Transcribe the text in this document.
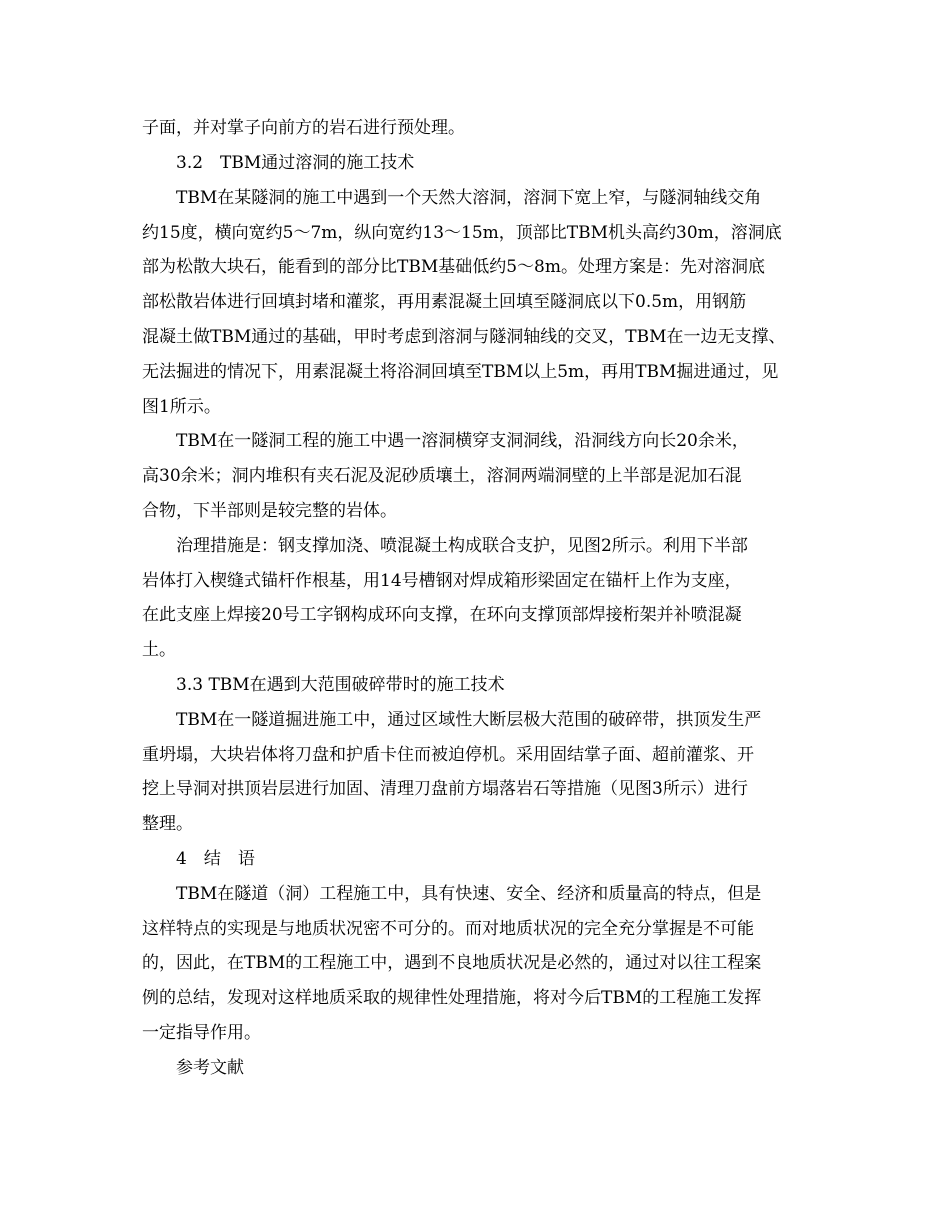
子面，并对掌子向前方的岩石进行预处理。
3.2　TBM通过溶洞的施工技术
TBM在某隧洞的施工中遇到一个天然大溶洞，溶洞下宽上窄，与隧洞轴线交角
约15度，横向宽约5～7m，纵向宽约13～15m，顶部比TBM机头高约30m，溶洞底
部为松散大块石，能看到的部分比TBM基础低约5～8m。处理方案是：先对溶洞底
部松散岩体进行回填封堵和灌浆，再用素混凝土回填至隧洞底以下0.5m，用钢筋
混凝土做TBM通过的基础，甲时考虑到溶洞与隧洞轴线的交叉，TBM在一边无支撑、
无法掘进的情况下，用素混凝土将浴洞回填至TBM以上5m，再用TBM掘进通过，见
图1所示。
TBM在一隧洞工程的施工中遇一溶洞横穿支洞洞线，沿洞线方向长20余米，
高30余米；洞内堆积有夹石泥及泥砂质壤土，溶洞两端洞壁的上半部是泥加石混
合物，下半部则是较完整的岩体。
治理措施是：钢支撑加浇、喷混凝土构成联合支护，见图2所示。利用下半部
岩体打入楔缝式锚杆作根基，用14号槽钢对焊成箱形梁固定在锚杆上作为支座，
在此支座上焊接20号工字钢构成环向支撑，在环向支撑顶部焊接桁架并补喷混凝
土。
3.3 TBM在遇到大范围破碎带时的施工技术
TBM在一隧道掘进施工中，通过区域性大断层极大范围的破碎带，拱顶发生严
重坍塌，大块岩体将刀盘和护盾卡住而被迫停机。采用固结掌子面、超前灌浆、开
挖上导洞对拱顶岩层进行加固、清理刀盘前方塌落岩石等措施（见图3所示）进行
整理。
4　结　语
TBM在隧道（洞）工程施工中，具有快速、安全、经济和质量高的特点，但是
这样特点的实现是与地质状况密不可分的。而对地质状况的完全充分掌握是不可能
的，因此，在TBM的工程施工中，遇到不良地质状况是必然的，通过对以往工程案
例的总结，发现对这样地质采取的规律性处理措施，将对今后TBM的工程施工发挥
一定指导作用。
参考文献
